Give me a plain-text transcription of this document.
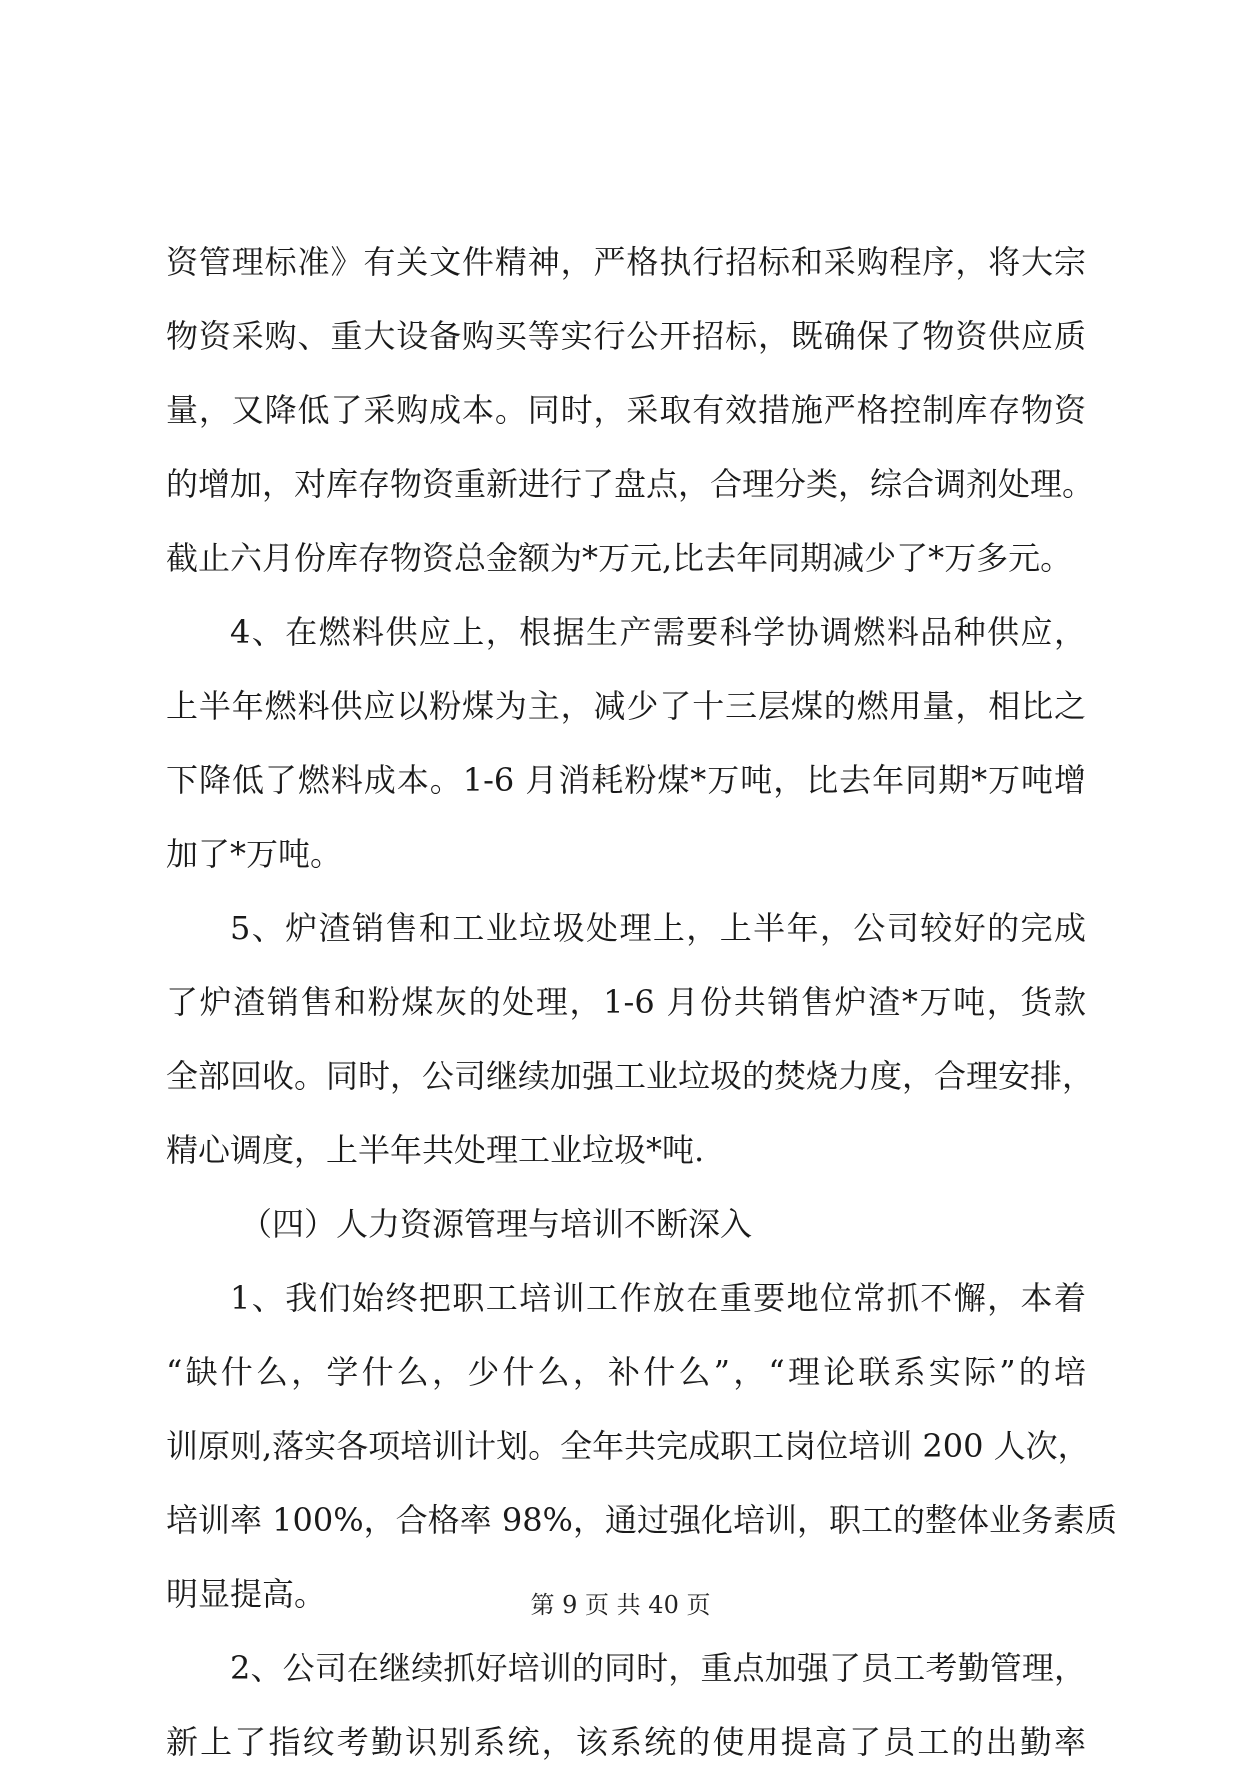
资管理标准》有关文件精神，严格执行招标和采购程序，将大宗
物资采购、重大设备购买等实行公开招标，既确保了物资供应质
量，又降低了采购成本。同时，采取有效措施严格控制库存物资
的增加，对库存物资重新进行了盘点，合理分类，综合调剂处理。
截止六月份库存物资总金额为*万元,比去年同期减少了*万多元。
4、在燃料供应上，根据生产需要科学协调燃料品种供应，
上半年燃料供应以粉煤为主，减少了十三层煤的燃用量，相比之
下降低了燃料成本。1-6 月消耗粉煤*万吨，比去年同期*万吨增
加了*万吨。
5、炉渣销售和工业垃圾处理上，上半年，公司较好的完成
了炉渣销售和粉煤灰的处理，1-6 月份共销售炉渣*万吨，货款
全部回收。同时，公司继续加强工业垃圾的焚烧力度，合理安排，
精心调度，上半年共处理工业垃圾*吨.
（四）人力资源管理与培训不断深入
1、我们始终把职工培训工作放在重要地位常抓不懈，本着
“缺什么，学什么，少什么，补什么”，“理论联系实际”的培
训原则,落实各项培训计划。全年共完成职工岗位培训 200 人次，
培训率 100%，合格率 98%，通过强化培训，职工的整体业务素质
明显提高。
2、公司在继续抓好培训的同时，重点加强了员工考勤管理，
新上了指纹考勤识别系统，该系统的使用提高了员工的出勤率
第 9 页 共 40 页
